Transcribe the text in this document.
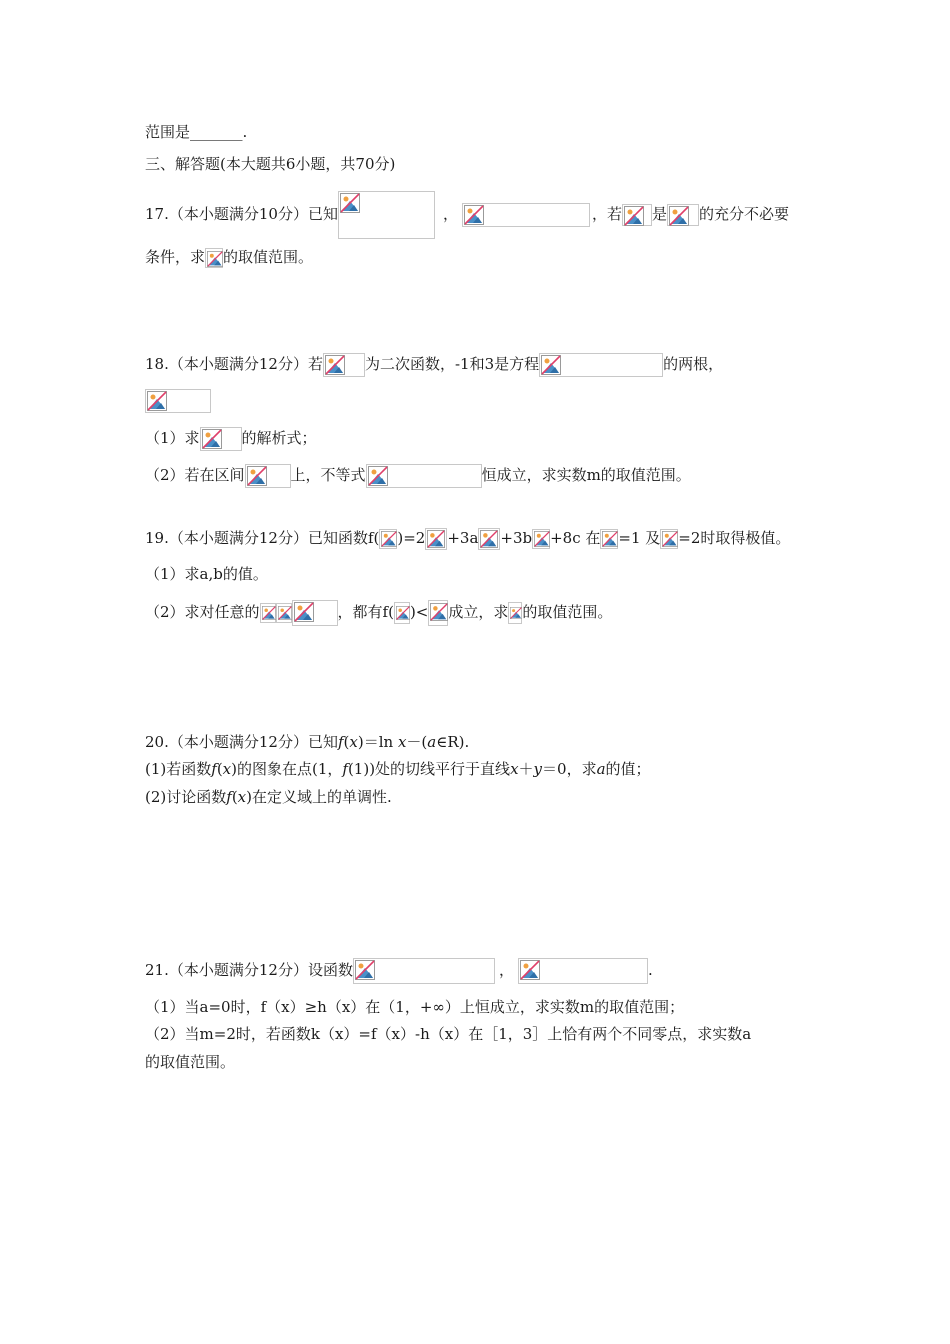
范围是_______.
三、解答题(本大题共6小题，共70分)
17.（本小题满分10分）已知	，	，若 是 的充分不必要
条件，求 的取值范围。
18.（本小题满分12分）若	为二次函数，-1和3是方程	的两根，
（1）求	的解析式；
（2）若在区间	上，不等式	恒成立，求实数m的取值范围。
19.（本小题满分12分）已知函数f( )=2 +3a +3b +8c 在 =1 及 =2时取得极值。
（1）求a,b的值。
（2）求对任意的	，都有f( )< 成立，求 的取值范围。
20.（本小题满分12分）已知f(x)＝ln x－(a∈R).
(1)若函数f(x)的图象在点(1，f(1))处的切线平行于直线x＋y＝0，求a的值；
(2)讨论函数f(x)在定义域上的单调性.
21.（本小题满分12分）设函数	，	.
（1）当a=0时，f（x）≥h（x）在（1，+∞）上恒成立，求实数m的取值范围；
（2）当m=2时，若函数k（x）=f（x）-h（x）在［1，3］上恰有两个不同零点，求实数a
的取值范围。
